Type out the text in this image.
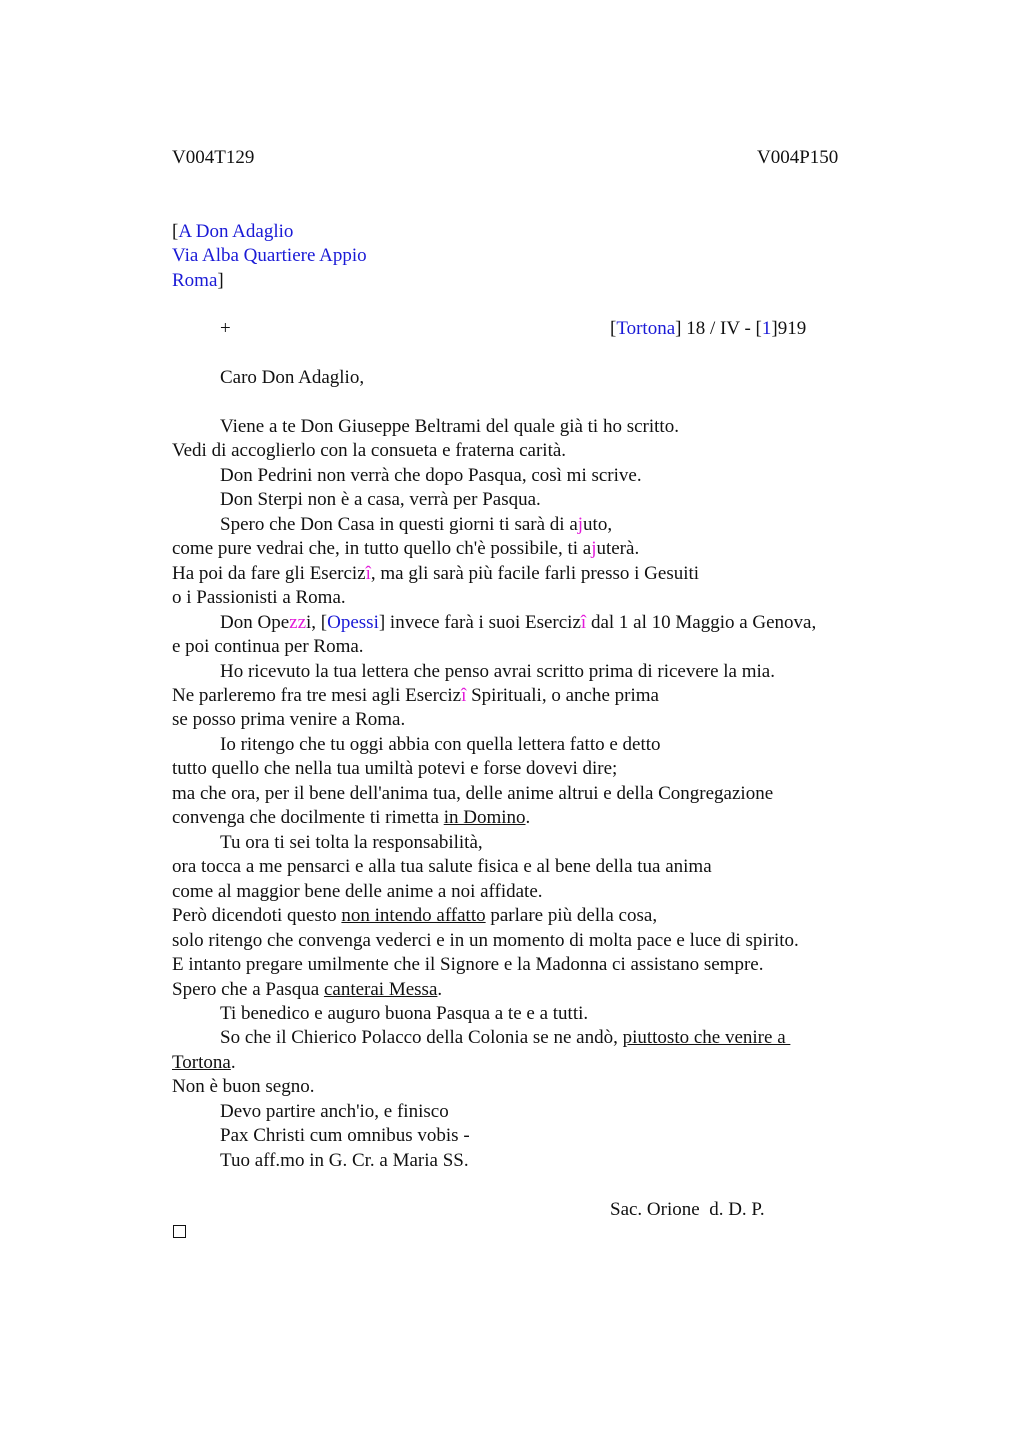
V004T129	V004P150
[A Don Adaglio
Via Alba Quartiere Appio
Roma]
+	[Tortona] 18 / IV - [1]919
Caro Don Adaglio,
Viene a te Don Giuseppe Beltrami del quale già ti ho scritto.
Vedi di accoglierlo con la consueta e fraterna carità.
Don Pedrini non verrà che dopo Pasqua, così mi scrive.
Don Sterpi non è a casa, verrà per Pasqua.
Spero che Don Casa in questi giorni ti sarà di ajuto,
come pure vedrai che, in tutto quello ch'è possibile, ti ajuterà.
Ha poi da fare gli Esercizî, ma gli sarà più facile farli presso i Gesuiti
o i Passionisti a Roma.
Don Opezzi, [Opessi] invece farà i suoi Esercizî dal 1 al 10 Maggio a Genova,
e poi continua per Roma.
Ho ricevuto la tua lettera che penso avrai scritto prima di ricevere la mia.
Ne parleremo fra tre mesi agli Esercizî Spirituali, o anche prima
se posso prima venire a Roma.
Io ritengo che tu oggi abbia con quella lettera fatto e detto
tutto quello che nella tua umiltà potevi e forse dovevi dire;
ma che ora, per il bene dell'anima tua, delle anime altrui e della Congregazione
convenga che docilmente ti rimetta in Domino.
Tu ora ti sei tolta la responsabilità,
ora tocca a me pensarci e alla tua salute fisica e al bene della tua anima
come al maggior bene delle anime a noi affidate.
Però dicendoti questo non intendo affatto parlare più della cosa,
solo ritengo che convenga vederci e in un momento di molta pace e luce di spirito.
E intanto pregare umilmente che il Signore e la Madonna ci assistano sempre.
Spero che a Pasqua canterai Messa.
Ti benedico e auguro buona Pasqua a te e a tutti.
So che il Chierico Polacco della Colonia se ne andò, piuttosto che venire a
Tortona.
Non è buon segno.
Devo partire anch'io, e finisco
Pax Christi cum omnibus vobis -
Tuo aff.mo in G. Cr. a Maria SS.
Sac. Orione  d. D. P.
